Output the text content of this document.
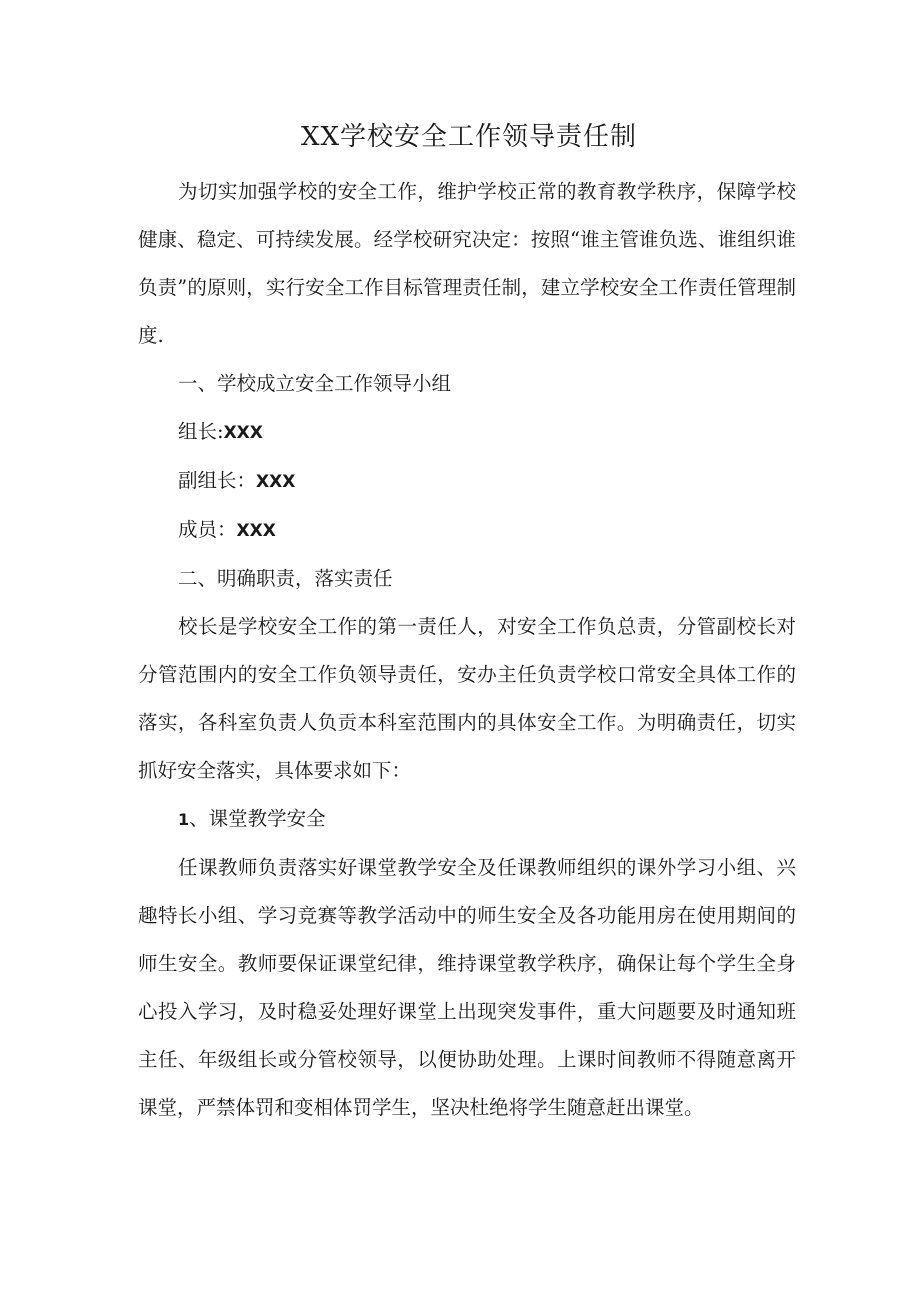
XX学校安全工作领导责任制

为切实加强学校的安全工作，维护学校正常的教育教学秩序，保障学校健康、稳定、可持续发展。经学校研究决定：按照“谁主管谁负选、谁组织谁负责”的原则，实行安全工作目标管理责任制，建立学校安全工作责任管理制度.

一、学校成立安全工作领导小组

组长:XXX

副组长：XXX

成员：XXX

二、明确职责，落实责任

校长是学校安全工作的第一责任人，对安全工作负总责，分管副校长对分管范围内的安全工作负领导责任，安办主任负责学校口常安全具体工作的落实，各科室负责人负贡本科室范围内的具体安全工作。为明确责任，切实抓好安全落实，具体要求如下：

1、课堂教学安全

任课教师负责落实好课堂教学安全及任课教师组织的课外学习小组、兴趣特长小组、学习竞赛等教学活动中的师生安全及各功能用房在使用期间的师生安全。教师要保证课堂纪律，维持课堂教学秩序，确保让每个学生全身心投入学习，及时稳妥处理好课堂上出现突发事件，重大问题要及时通知班主任、年级组长或分管校领导，以便协助处理。上课时间教师不得随意离开课堂，严禁体罚和变相体罚学生，坚决杜绝将学生随意赶出课堂。
